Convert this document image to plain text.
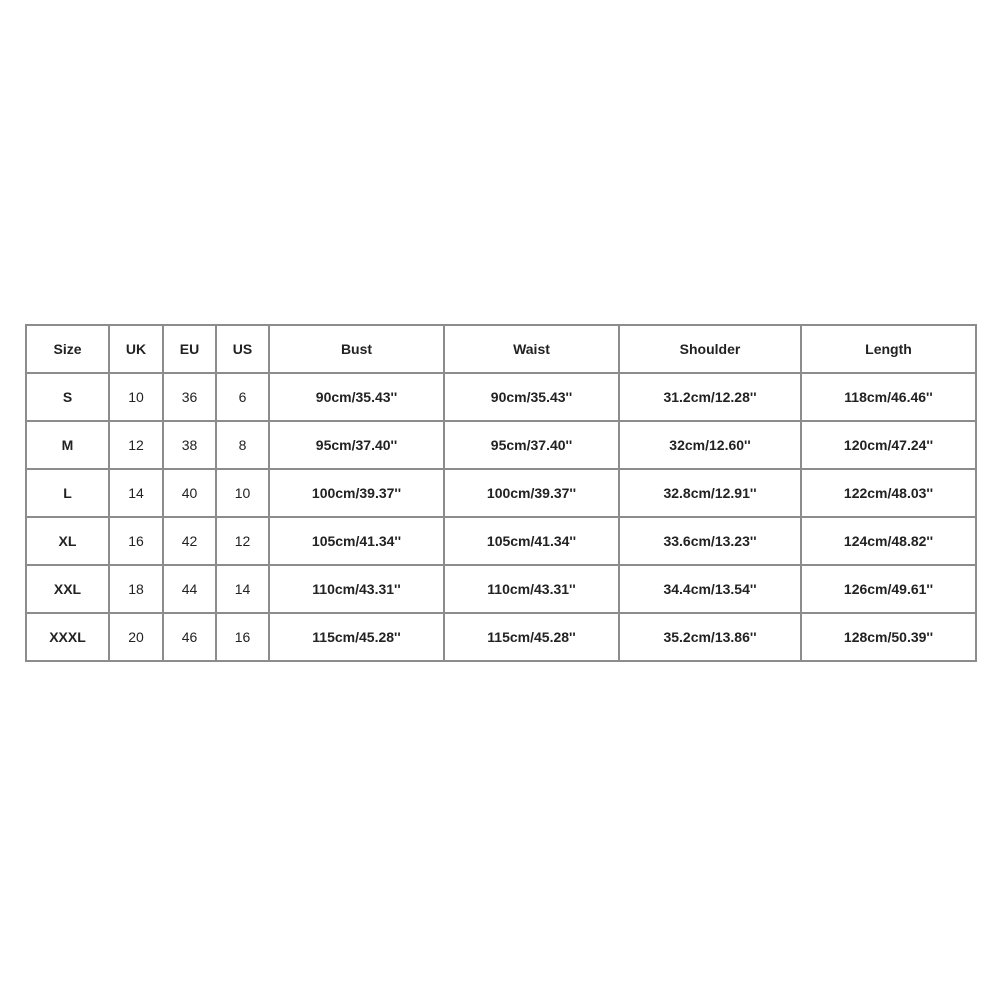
Size	UK	EU	US	Bust	Waist	Shoulder	Length
S	10	36	6	90cm/35.43''	90cm/35.43''	31.2cm/12.28''	118cm/46.46''
M	12	38	8	95cm/37.40''	95cm/37.40''	32cm/12.60''	120cm/47.24''
L	14	40	10	100cm/39.37''	100cm/39.37''	32.8cm/12.91''	122cm/48.03''
XL	16	42	12	105cm/41.34''	105cm/41.34''	33.6cm/13.23''	124cm/48.82''
XXL	18	44	14	110cm/43.31''	110cm/43.31''	34.4cm/13.54''	126cm/49.61''
XXXL	20	46	16	115cm/45.28''	115cm/45.28''	35.2cm/13.86''	128cm/50.39''
